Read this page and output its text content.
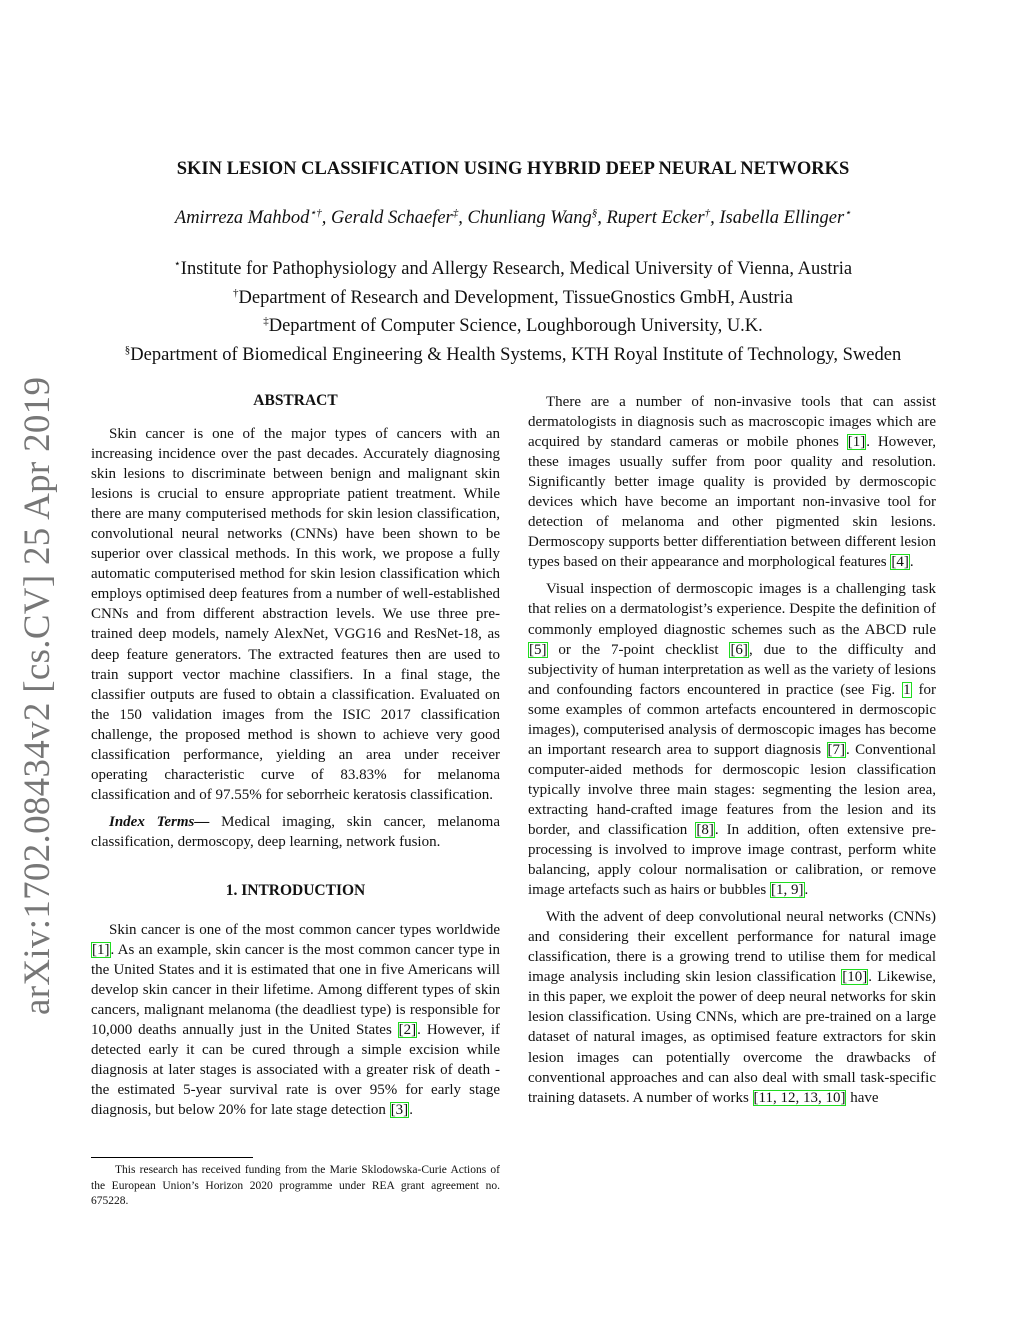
arXiv:1702.08434v2 [cs.CV] 25 Apr 2019
SKIN LESION CLASSIFICATION USING HYBRID DEEP NEURAL NETWORKS
Amirreza Mahbod⋆†, Gerald Schaefer‡, Chunliang Wang§, Rupert Ecker†, Isabella Ellinger⋆
⋆Institute for Pathophysiology and Allergy Research, Medical University of Vienna, Austria
†Department of Research and Development, TissueGnostics GmbH, Austria
‡Department of Computer Science, Loughborough University, U.K.
§Department of Biomedical Engineering & Health Systems, KTH Royal Institute of Technology, Sweden
ABSTRACT

Skin cancer is one of the major types of cancers with an increasing incidence over the past decades. Accurately diagnosing skin lesions to discriminate between benign and malignant skin lesions is crucial to ensure appropriate patient treatment. While there are many computerised methods for skin lesion classification, convolutional neural networks (CNNs) have been shown to be superior over classical methods. In this work, we propose a fully automatic computerised method for skin lesion classification which employs optimised deep features from a number of well-established CNNs and from different abstraction levels. We use three pre-trained deep models, namely AlexNet, VGG16 and ResNet-18, as deep feature generators. The extracted features then are used to train support vector machine classifiers. In a final stage, the classifier outputs are fused to obtain a classification. Evaluated on the 150 validation images from the ISIC 2017 classification challenge, the proposed method is shown to achieve very good classification performance, yielding an area under receiver operating characteristic curve of 83.83% for melanoma classification and of 97.55% for seborrheic keratosis classification.

Index Terms— Medical imaging, skin cancer, melanoma classification, dermoscopy, deep learning, network fusion.

1. INTRODUCTION

Skin cancer is one of the most common cancer types worldwide [1]. As an example, skin cancer is the most common cancer type in the United States and it is estimated that one in five Americans will develop skin cancer in their lifetime. Among different types of skin cancers, malignant melanoma (the deadliest type) is responsible for 10,000 deaths annually just in the United States [2]. However, if detected early it can be cured through a simple excision while diagnosis at later stages is associated with a greater risk of death - the estimated 5-year survival rate is over 95% for early stage diagnosis, but below 20% for late stage detection [3].

This research has received funding from the Marie Sklodowska-Curie Actions of the European Union’s Horizon 2020 programme under REA grant agreement no. 675228.

There are a number of non-invasive tools that can assist dermatologists in diagnosis such as macroscopic images which are acquired by standard cameras or mobile phones [1]. However, these images usually suffer from poor quality and resolution. Significantly better image quality is provided by dermoscopic devices which have become an important non-invasive tool for detection of melanoma and other pigmented skin lesions. Dermoscopy supports better differentiation between different lesion types based on their appearance and morphological features [4].

Visual inspection of dermoscopic images is a challenging task that relies on a dermatologist’s experience. Despite the definition of commonly employed diagnostic schemes such as the ABCD rule [5] or the 7-point checklist [6], due to the difficulty and subjectivity of human interpretation as well as the variety of lesions and confounding factors encountered in practice (see Fig. 1 for some examples of common artefacts encountered in dermoscopic images), computerised analysis of dermoscopic images has become an important research area to support diagnosis [7]. Conventional computer-aided methods for dermoscopic lesion classification typically involve three main stages: segmenting the lesion area, extracting hand-crafted image features from the lesion and its border, and classification [8]. In addition, often extensive pre-processing is involved to improve image contrast, perform white balancing, apply colour normalisation or calibration, or remove image artefacts such as hairs or bubbles [1, 9].

With the advent of deep convolutional neural networks (CNNs) and considering their excellent performance for natural image classification, there is a growing trend to utilise them for medical image analysis including skin lesion classification [10]. Likewise, in this paper, we exploit the power of deep neural networks for skin lesion classification. Using CNNs, which are pre-trained on a large dataset of natural images, as optimised feature extractors for skin lesion images can potentially overcome the drawbacks of conventional approaches and can also deal with small task-specific training datasets. A number of works [11, 12, 13, 10] have
